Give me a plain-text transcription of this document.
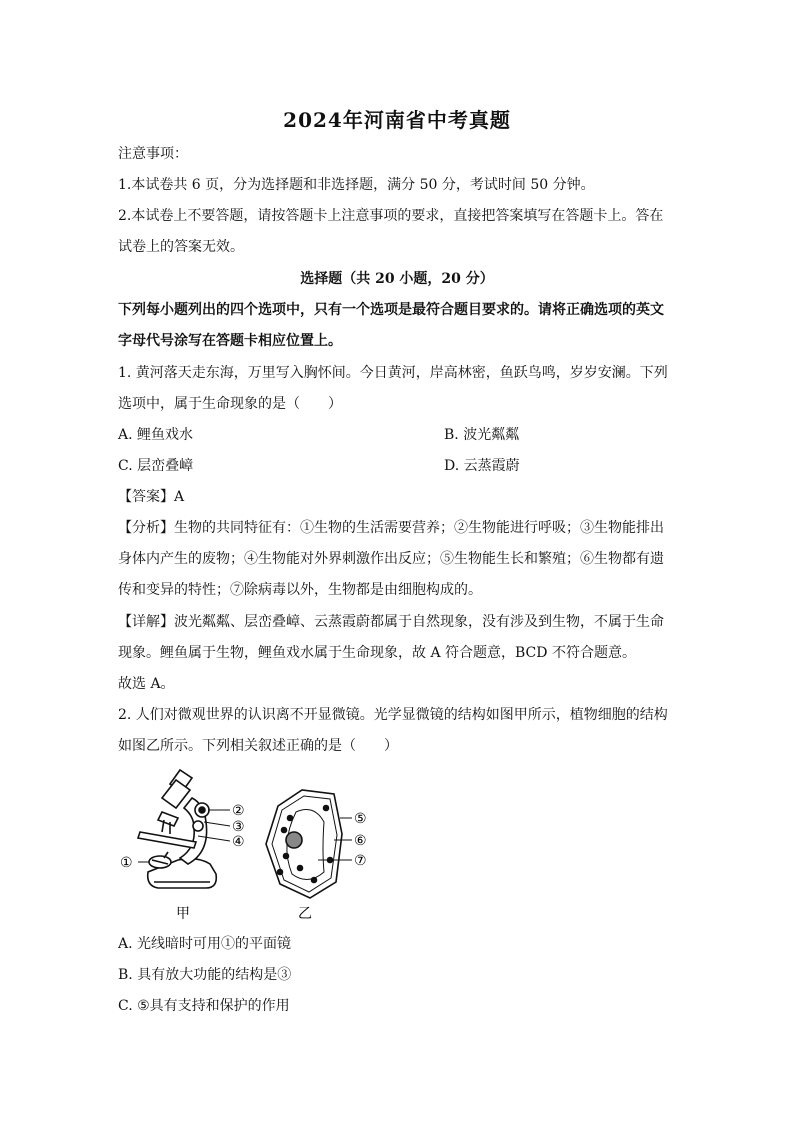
2024年河南省中考真题
注意事项：
1.本试卷共 6 页，分为选择题和非选择题，满分 50 分，考试时间 50 分钟。
2.本试卷上不要答题，请按答题卡上注意事项的要求，直接把答案填写在答题卡上。答在
试卷上的答案无效。
选择题（共 20 小题，20 分）
下列每小题列出的四个选项中，只有一个选项是最符合题目要求的。请将正确选项的英文
字母代号涂写在答题卡相应位置上。
1. 黄河落天走东海，万里写入胸怀间。今日黄河，岸高林密，鱼跃鸟鸣，岁岁安澜。下列
选项中，属于生命现象的是（　　）
A. 鲤鱼戏水	B. 波光粼粼
C. 层峦叠嶂	D. 云蒸霞蔚
【答案】A
【分析】生物的共同特征有：①生物的生活需要营养；②生物能进行呼吸；③生物能排出
身体内产生的废物；④生物能对外界刺激作出反应；⑤生物能生长和繁殖；⑥生物都有遗
传和变异的特性；⑦除病毒以外，生物都是由细胞构成的。
【详解】波光粼粼、层峦叠嶂、云蒸霞蔚都属于自然现象，没有涉及到生物，不属于生命
现象。鲤鱼属于生物，鲤鱼戏水属于生命现象，故 A 符合题意，BCD 不符合题意。
故选 A。
2. 人们对微观世界的认识离不开显微镜。光学显微镜的结构如图甲所示，植物细胞的结构
如图乙所示。下列相关叙述正确的是（　　）
②
③
④
①
⑤
⑥
⑦
甲	乙
A. 光线暗时可用①的平面镜
B. 具有放大功能的结构是③
C. ⑤具有支持和保护的作用
